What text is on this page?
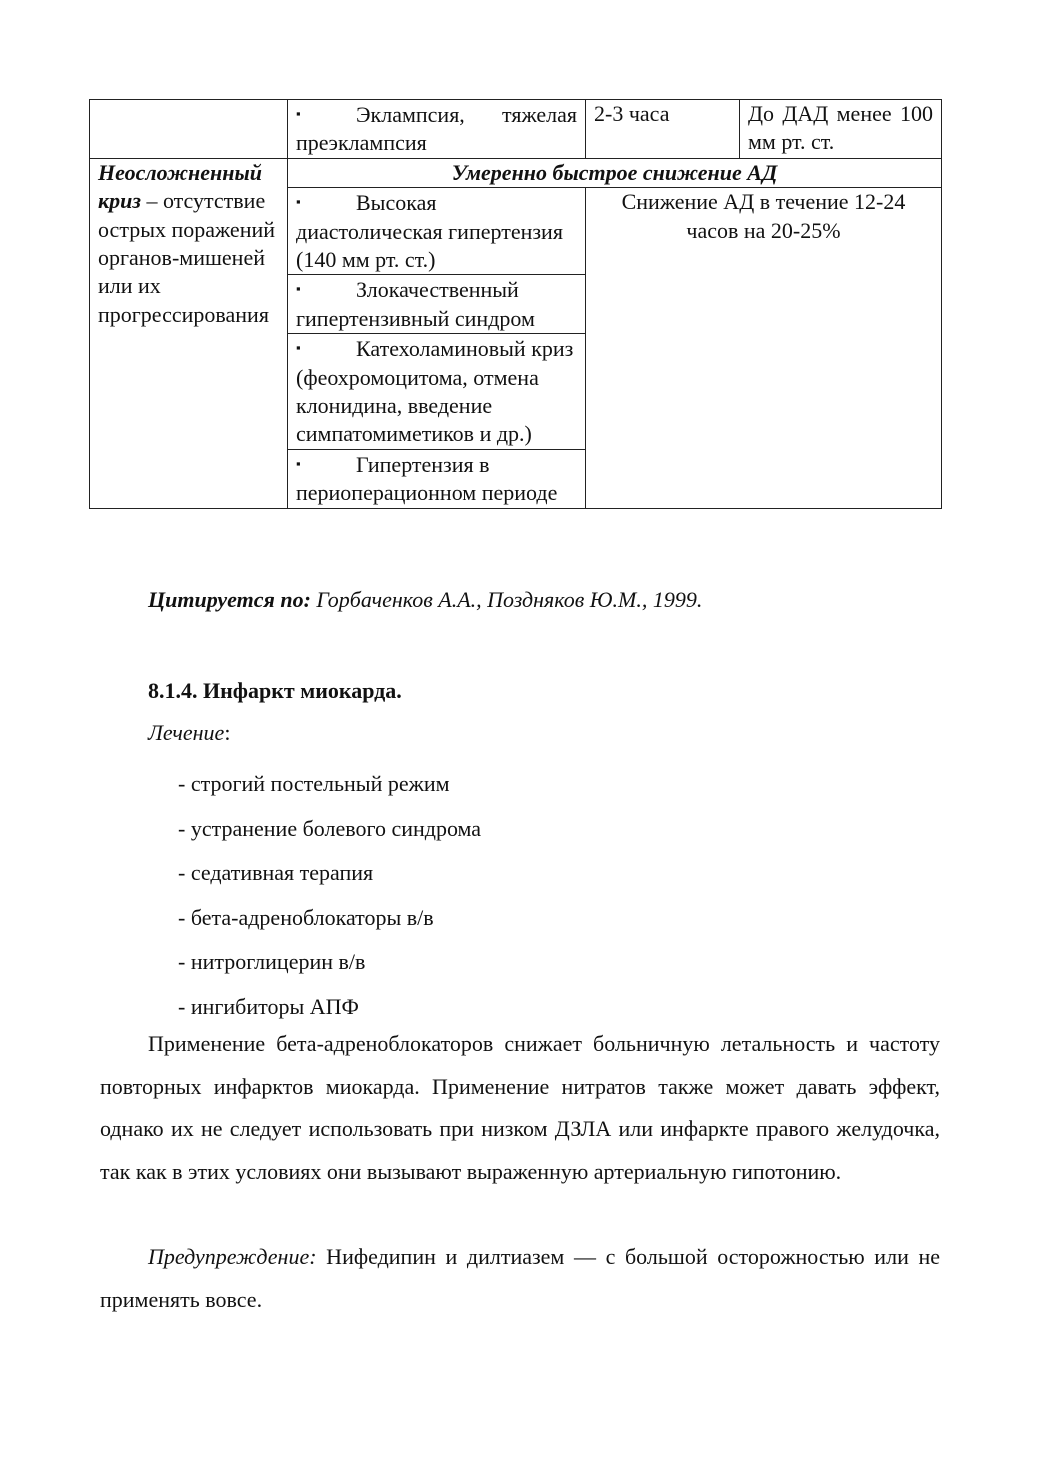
	▪ Эклампсия, тяжелая преэклампсия	2-3 часа	До ДАД менее 100 мм рт. ст.
Неосложненный криз – отсутствие острых поражений органов-мишеней или их прогрессирования	Умеренно быстрое снижение АД		
	▪ Высокая диастолическая гипертензия (140 мм рт. ст.)	Снижение АД в течение 12-24 часов на 20-25%	
	▪ Злокачественный гипертензивный синдром		
	▪ Катехоламиновый криз (феохромоцитома, отмена клонидина, введение симпатомиметиков и др.)		
	▪ Гипертензия в периоперационном периоде		
Цитируется по: Горбаченков А.А., Поздняков Ю.М., 1999.
8.1.4. Инфаркт миокарда.
Лечение:
- строгий постельный режим
- устранение болевого синдрома
- седативная терапия
- бета-адреноблокаторы в/в
- нитроглицерин в/в
- ингибиторы АПФ

Применение бета-адреноблокаторов снижает больничную летальность и частоту повторных инфарктов миокарда. Применение нитратов также может давать эффект, однако их не следует использовать при низком ДЗЛА или инфаркте правого желудочка, так как в этих условиях они вызывают выраженную артериальную гипотонию.

Предупреждение: Нифедипин и дилтиазем — с большой осторожностью или не применять вовсе.
